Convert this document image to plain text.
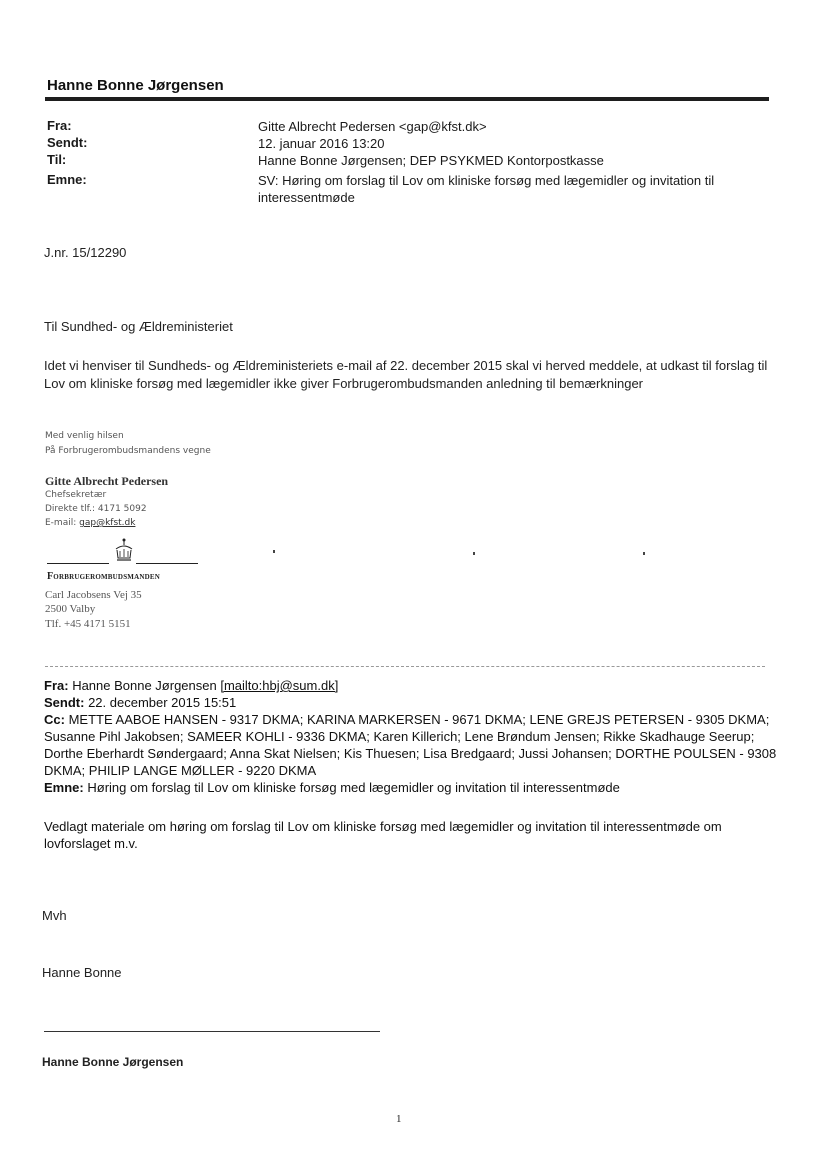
Hanne Bonne Jørgensen
Fra:	Gitte Albrecht Pedersen <gap@kfst.dk>
Sendt:	12. januar 2016 13:20
Til:	Hanne Bonne Jørgensen; DEP PSYKMED Kontorpostkasse
Emne:	SV: Høring om forslag til Lov om kliniske forsøg med lægemidler og invitation til interessentmøde
J.nr. 15/12290
Til Sundhed- og Ældreministeriet
Idet vi henviser til Sundheds- og Ældreministeriets e-mail af 22. december 2015 skal vi herved meddele, at udkast til forslag til Lov om kliniske forsøg med lægemidler ikke giver Forbrugerombudsmanden anledning til bemærkninger
Med venlig hilsen
På Forbrugerombudsmandens vegne
Gitte Albrecht Pedersen
Chefsekretær
Direkte tlf.: 4171 5092
E-mail: gap@kfst.dk
Forbrugerombudsmanden
Carl Jacobsens Vej 35
2500 Valby
Tlf. +45 4171 5151
Fra: Hanne Bonne Jørgensen [mailto:hbj@sum.dk]
Sendt: 22. december 2015 15:51
Cc: METTE AABOE HANSEN - 9317 DKMA; KARINA MARKERSEN - 9671 DKMA; LENE GREJS PETERSEN - 9305 DKMA; Susanne Pihl Jakobsen; SAMEER KOHLI - 9336 DKMA; Karen Killerich; Lene Brøndum Jensen; Rikke Skadhauge Seerup; Dorthe Eberhardt Søndergaard; Anna Skat Nielsen; Kis Thuesen; Lisa Bredgaard; Jussi Johansen; DORTHE POULSEN - 9308 DKMA; PHILIP LANGE MØLLER - 9220 DKMA
Emne: Høring om forslag til Lov om kliniske forsøg med lægemidler og invitation til interessentmøde
Vedlagt materiale om høring om forslag til Lov om kliniske forsøg med lægemidler og invitation til interessentmøde om lovforslaget m.v.
Mvh
Hanne Bonne
Hanne Bonne Jørgensen
1
